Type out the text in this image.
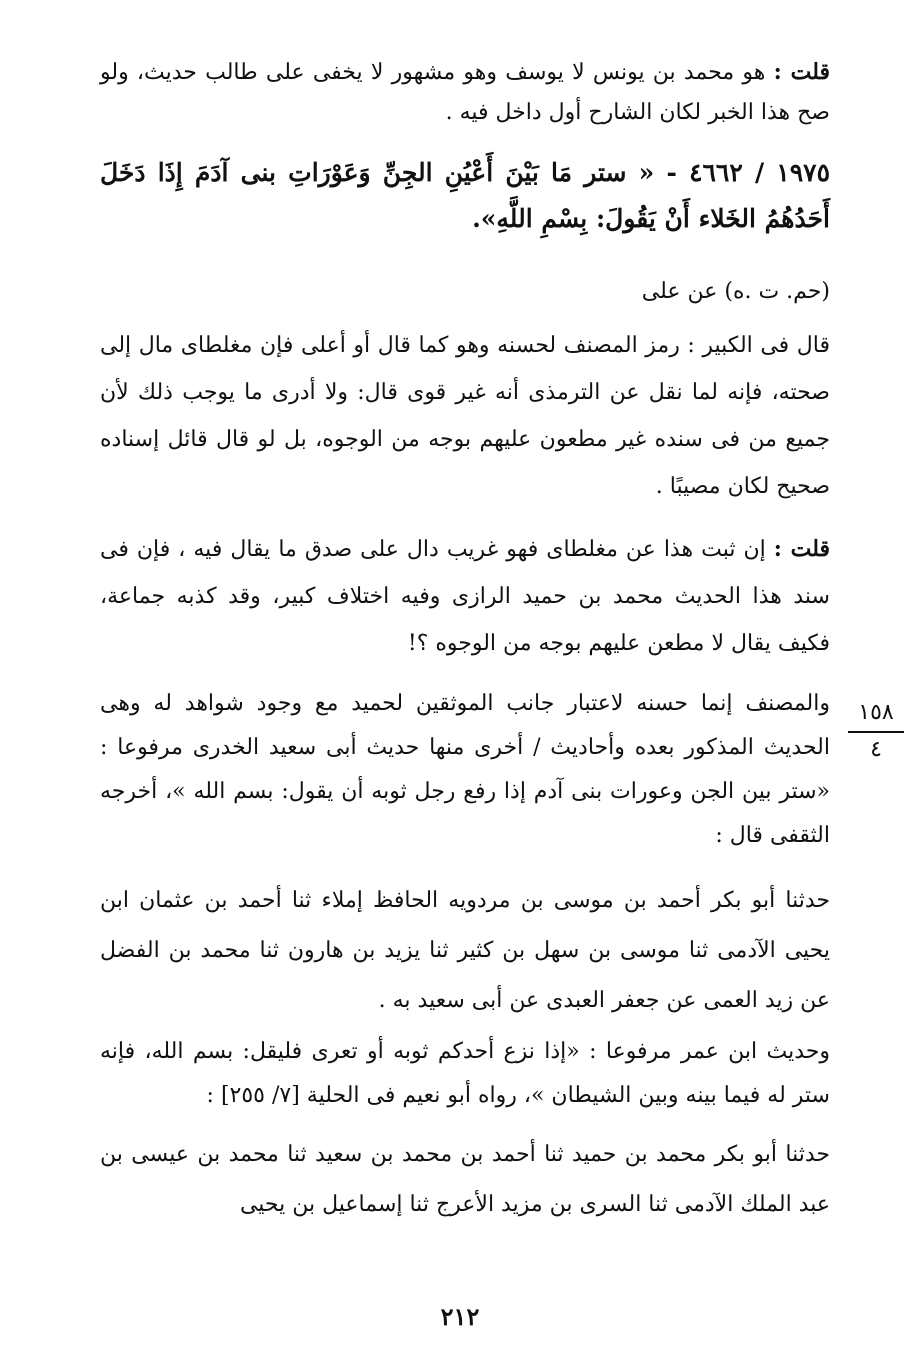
قلت : هو محمد بن يونس لا يوسف وهو مشهور لا يخفى على طالب حديث، ولو صح هذا الخبر لكان الشارح أول داخل فيه .

١٩٧٥ / ٤٦٦٢ - « ستر مَا بَيْنَ أَعْيُنِ الجِنِّ وَعَوْرَاتِ بنى آدَمَ إِذَا دَخَلَ أَحَدُهُمُ الخَلاء أَنْ يَقُولَ: بِسْمِ اللَّهِ».

(حم. ت .ه) عن على

قال فى الكبير : رمز المصنف لحسنه وهو كما قال أو أعلى فإن مغلطاى مال إلى صحته، فإنه لما نقل عن الترمذى أنه غير قوى قال: ولا أدرى ما يوجب ذلك لأن جميع من فى سنده غير مطعون عليهم بوجه من الوجوه، بل لو قال قائل إسناده صحيح لكان مصيبًا .

قلت : إن ثبت هذا عن مغلطاى فهو غريب دال على صدق ما يقال فيه ، فإن فى سند هذا الحديث محمد بن حميد الرازى وفيه اختلاف كبير، وقد كذبه جماعة، فكيف يقال لا مطعن عليهم بوجه من الوجوه ؟!

والمصنف إنما حسنه لاعتبار جانب الموثقين لحميد مع وجود شواهد له وهى الحديث المذكور بعده وأحاديث / أخرى منها حديث أبى سعيد الخدرى مرفوعا : «ستر بين الجن وعورات بنى آدم إذا رفع رجل ثوبه أن يقول: بسم الله »، أخرجه الثقفى قال :

حدثنا أبو بكر أحمد بن موسى بن مردويه الحافظ إملاء ثنا أحمد بن عثمان ابن يحيى الآدمى ثنا موسى بن سهل بن كثير ثنا يزيد بن هارون ثنا محمد بن الفضل عن زيد العمى عن جعفر العبدى عن أبى سعيد به .

وحديث ابن عمر مرفوعا : «إذا نزع أحدكم ثوبه أو تعرى فليقل: بسم الله، فإنه ستر له فيما بينه وبين الشيطان »، رواه أبو نعيم فى الحلية [٧/ ٢٥٥] :

حدثنا أبو بكر محمد بن حميد ثنا أحمد بن محمد بن سعيد ثنا محمد بن عيسى بن عبد الملك الآدمى ثنا السرى بن مزيد الأعرج ثنا إسماعيل بن يحيى

١٥٨
٤
٢١٢
